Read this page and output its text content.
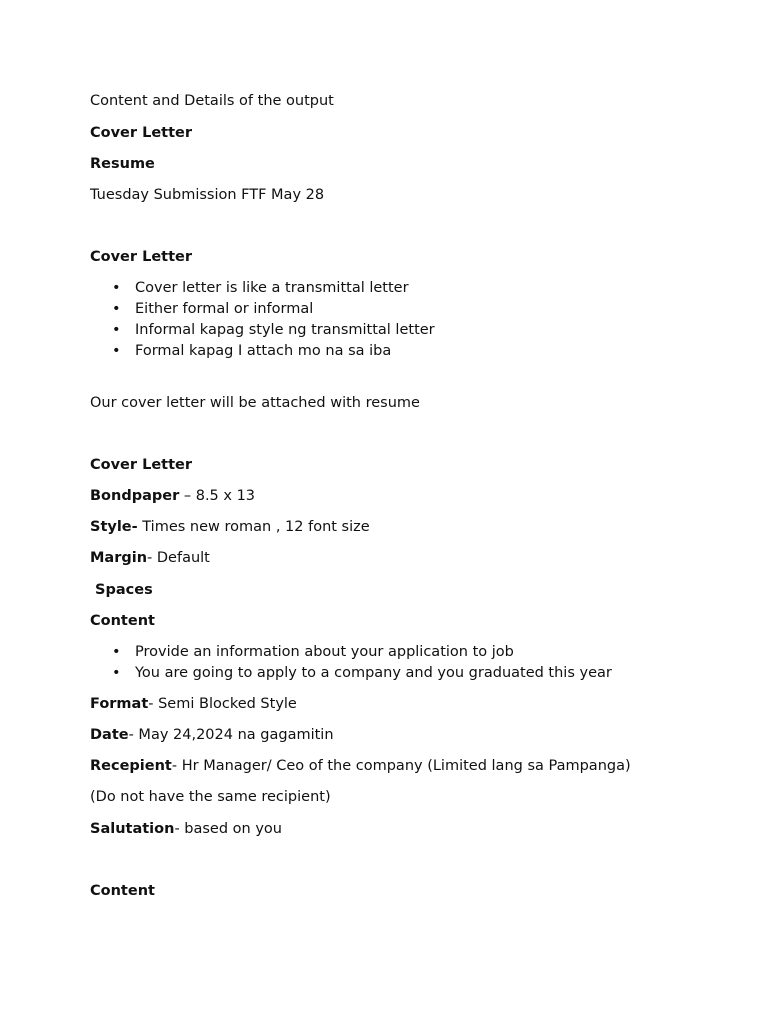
Content and Details of the output
Cover Letter
Resume
Tuesday Submission FTF May 28
Cover Letter
• Cover letter is like a transmittal letter
• Either formal or informal
• Informal kapag style ng transmittal letter
• Formal kapag I attach mo na sa iba
Our cover letter will be attached with resume
Cover Letter
Bondpaper – 8.5 x 13
Style- Times new roman , 12 font size
Margin- Default
Spaces
Content
• Provide an information about your application to job
• You are going to apply to a company and you graduated this year
Format- Semi Blocked Style
Date- May 24,2024 na gagamitin
Recepient- Hr Manager/ Ceo of the company (Limited lang sa Pampanga)
(Do not have the same recipient)
Salutation- based on you
Content
